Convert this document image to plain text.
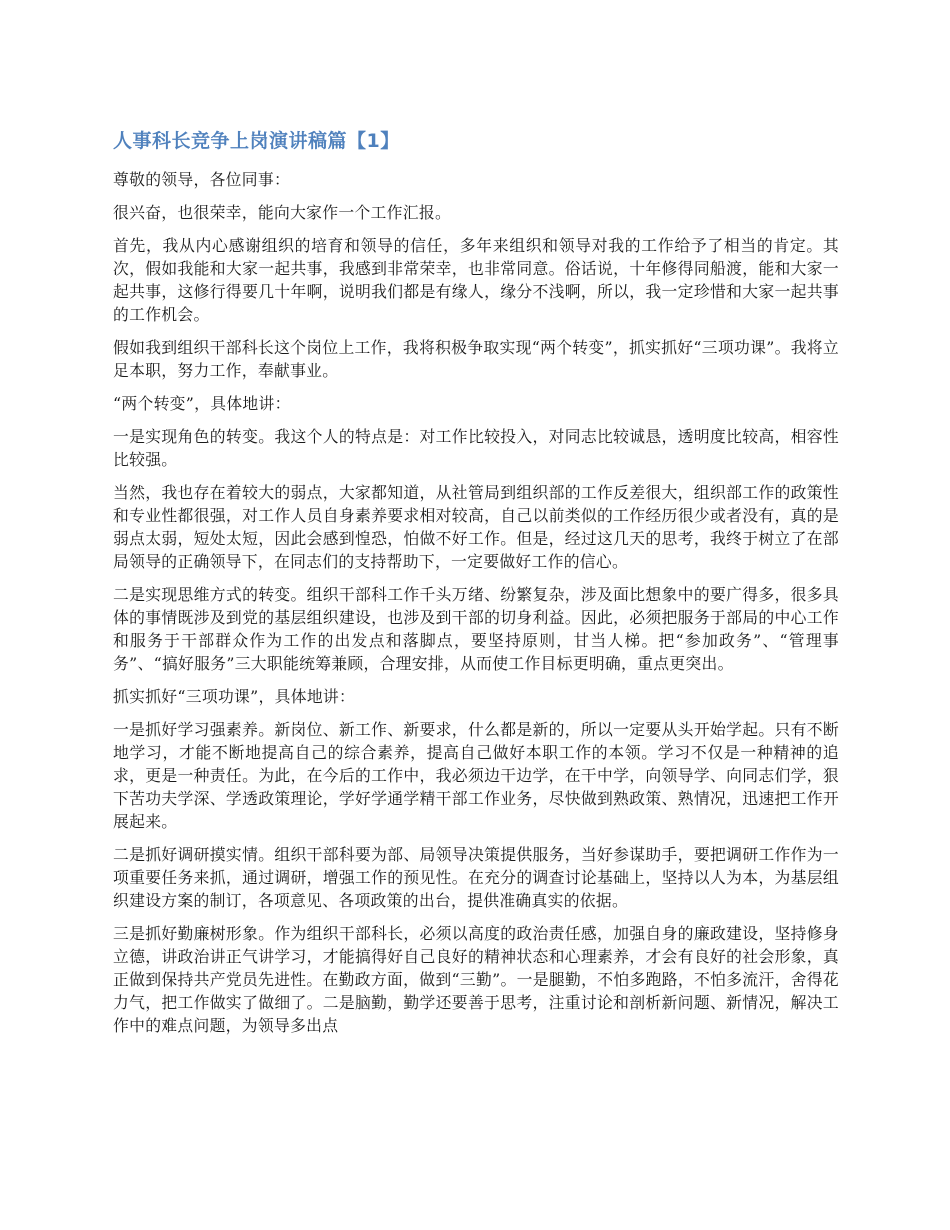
人事科长竞争上岗演讲稿篇【1】

尊敬的领导，各位同事：

很兴奋，也很荣幸，能向大家作一个工作汇报。

首先，我从内心感谢组织的培育和领导的信任，多年来组织和领导对我的工作给予了相当的肯定。其次，假如我能和大家一起共事，我感到非常荣幸，也非常同意。俗话说，十年修得同船渡，能和大家一起共事，这修行得要几十年啊，说明我们都是有缘人，缘分不浅啊，所以，我一定珍惜和大家一起共事的工作机会。

假如我到组织干部科长这个岗位上工作，我将积极争取实现“两个转变”，抓实抓好“三项功课”。我将立足本职，努力工作，奉献事业。

“两个转变”，具体地讲：

一是实现角色的转变。我这个人的特点是：对工作比较投入，对同志比较诚恳，透明度比较高，相容性比较强。

当然，我也存在着较大的弱点，大家都知道，从社管局到组织部的工作反差很大，组织部工作的政策性和专业性都很强，对工作人员自身素养要求相对较高，自己以前类似的工作经历很少或者没有，真的是弱点太弱，短处太短，因此会感到惶恐，怕做不好工作。但是，经过这几天的思考，我终于树立了在部局领导的正确领导下，在同志们的支持帮助下，一定要做好工作的信心。

二是实现思维方式的转变。组织干部科工作千头万绪、纷繁复杂，涉及面比想象中的要广得多，很多具体的事情既涉及到党的基层组织建设，也涉及到干部的切身利益。因此，必须把服务于部局的中心工作和服务于干部群众作为工作的出发点和落脚点，要坚持原则，甘当人梯。把“参加政务”、“管理事务”、“搞好服务”三大职能统筹兼顾，合理安排，从而使工作目标更明确，重点更突出。

抓实抓好“三项功课”，具体地讲：

一是抓好学习强素养。新岗位、新工作、新要求，什么都是新的，所以一定要从头开始学起。只有不断地学习，才能不断地提高自己的综合素养，提高自己做好本职工作的本领。学习不仅是一种精神的追求，更是一种责任。为此，在今后的工作中，我必须边干边学，在干中学，向领导学、向同志们学，狠下苦功夫学深、学透政策理论，学好学通学精干部工作业务，尽快做到熟政策、熟情况，迅速把工作开展起来。

二是抓好调研摸实情。组织干部科要为部、局领导决策提供服务，当好参谋助手，要把调研工作作为一项重要任务来抓，通过调研，增强工作的预见性。在充分的调查讨论基础上，坚持以人为本，为基层组织建设方案的制订，各项意见、各项政策的出台，提供准确真实的依据。

三是抓好勤廉树形象。作为组织干部科长，必须以高度的政治责任感，加强自身的廉政建设，坚持修身立德，讲政治讲正气讲学习，才能搞得好自己良好的精神状态和心理素养，才会有良好的社会形象，真正做到保持共产党员先进性。在勤政方面，做到“三勤”。一是腿勤，不怕多跑路，不怕多流汗，舍得花力气，把工作做实了做细了。二是脑勤，勤学还要善于思考，注重讨论和剖析新问题、新情况，解决工作中的难点问题，为领导多出点
